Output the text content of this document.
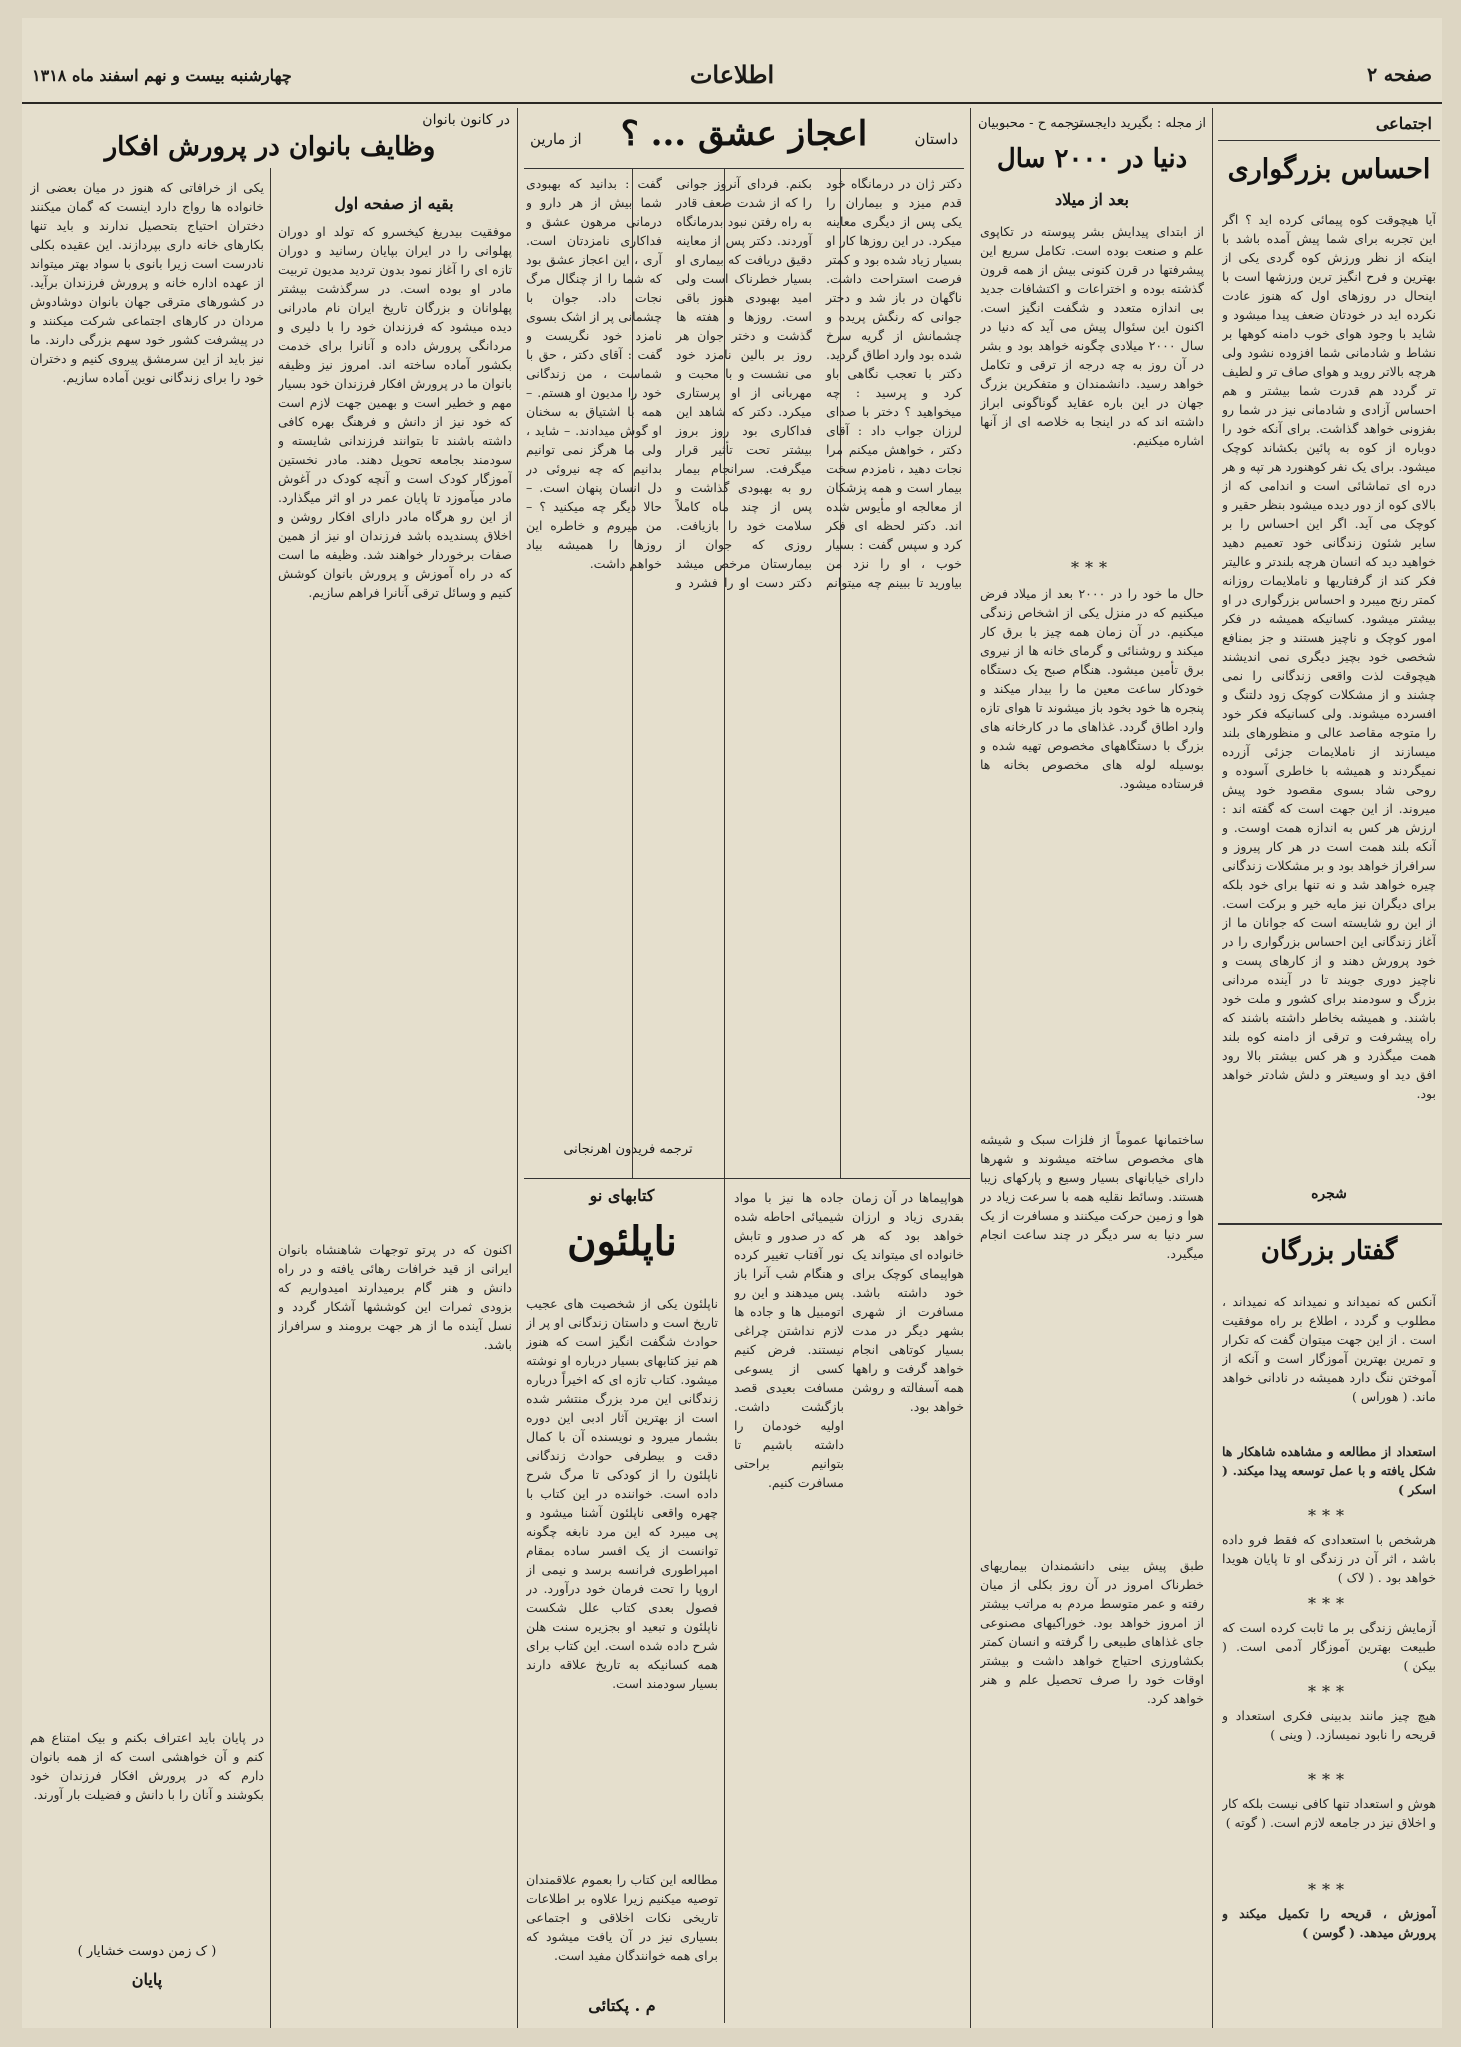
صفحه ۲
اطلاعات
چهارشنبه بیست و نهم اسفند ماه ۱۳۱۸
اجتماعی
احساس بزرگواری
آیا هیچوقت کوه پیمائی کرده اید ؟ اگر این تجربه برای شما پیش آمده باشد با اینکه از نظر ورزش کوه گردی یکی از بهترین و فرح انگیز ترین ورزشها است با اینحال در روزهای اول که هنوز عادت نکرده اید در خودتان ضعف پیدا میشود و شاید با وجود هوای خوب دامنه کوهها بر نشاط و شادمانی شما افزوده نشود ولی هرچه بالاتر روید و هوای صاف تر و لطیف تر گردد هم قدرت شما بیشتر و هم احساس آزادی و شادمانی نیز در شما رو بفزونی خواهد گذاشت. برای آنکه خود را دوباره از کوه به پائین بکشاند کوچک میشود. برای یک نفر کوهنورد هر تپه و هر دره ای تماشائی است و اندامی که از بالای کوه از دور دیده میشود بنظر حقیر و کوچک می آید. اگر این احساس را بر سایر شئون زندگانی خود تعمیم دهید خواهید دید که انسان هرچه بلندتر و عالیتر فکر کند از گرفتاریها و ناملایمات روزانه کمتر رنج میبرد و احساس بزرگواری در او بیشتر میشود. کسانیکه همیشه در فکر امور کوچک و ناچیز هستند و جز بمنافع شخصی خود بچیز دیگری نمی اندیشند هیچوقت لذت واقعی زندگانی را نمی چشند و از مشکلات کوچک زود دلتنگ و افسرده میشوند. ولی کسانیکه فکر خود را متوجه مقاصد عالی و منظورهای بلند میسازند از ناملایمات جزئی آزرده نمیگردند و همیشه با خاطری آسوده و روحی شاد بسوی مقصود خود پیش میروند. از این جهت است که گفته اند : ارزش هر کس به اندازه همت اوست. و آنکه بلند همت است در هر کار پیروز و سرافراز خواهد بود و بر مشکلات زندگانی چیره خواهد شد و نه تنها برای خود بلکه برای دیگران نیز مایه خیر و برکت است. از این رو شایسته است که جوانان ما از آغاز زندگانی این احساس بزرگواری را در خود پرورش دهند و از کارهای پست و ناچیز دوری جویند تا در آینده مردانی بزرگ و سودمند برای کشور و ملت خود باشند. و همیشه بخاطر داشته باشند که راه پیشرفت و ترقی از دامنه کوه بلند همت میگذرد و هر کس بیشتر بالا رود افق دید او وسیعتر و دلش شادتر خواهد بود.
شجره
گفتار بزرگان
آنکس که نمیداند و نمیداند که نمیداند ، مطلوب و گردد ، اطلاع بر راه موفقیت است . از این جهت میتوان گفت که تکرار و تمرین بهترین آموزگار است و آنکه از آموختن ننگ دارد همیشه در نادانی خواهد ماند. ( هوراس )
استعداد از مطالعه و مشاهده شاهکار ها شکل یافته و با عمل توسعه پیدا میکند. ( اسکر )
***
هرشخص با استعدادی که فقط فرو داده باشد ، اثر آن در زندگی او تا پایان هویدا خواهد بود . ( لاک )
***
آزمایش زندگی بر ما ثابت کرده است که طبیعت بهترین آموزگار آدمی است. ( بیکن )
***
هیچ چیز مانند بدبینی فکری استعداد و قریحه را نابود نمیسازد. ( وینی )
***
هوش و استعداد تنها کافی نیست بلکه کار و اخلاق نیز در جامعه لازم است. ( گوته )
***
آموزش ، قریحه را تکمیل میکند و پرورش میدهد. ( گوسن )
از مجله : بگیرید دایجست
ترجمه ح - محبوبیان
دنیا در ۲۰۰۰ سال
بعد از میلاد
از ابتدای پیدایش بشر پیوسته در تکاپوی علم و صنعت بوده است. تکامل سریع این پیشرفتها در قرن کنونی بیش از همه قرون گذشته بوده و اختراعات و اکتشافات جدید بی اندازه متعدد و شگفت انگیز است. اکنون این سئوال پیش می آید که دنیا در سال ۲۰۰۰ میلادی چگونه خواهد بود و بشر در آن روز به چه درجه از ترقی و تکامل خواهد رسید. دانشمندان و متفکرین بزرگ جهان در این باره عقاید گوناگونی ابراز داشته اند که در اینجا به خلاصه ای از آنها اشاره میکنیم.
***
حال ما خود را در ۲۰۰۰ بعد از میلاد فرض میکنیم که در منزل یکی از اشخاص زندگی میکنیم. در آن زمان همه چیز با برق کار میکند و روشنائی و گرمای خانه ها از نیروی برق تأمین میشود. هنگام صبح یک دستگاه خودکار ساعت معین ما را بیدار میکند و پنجره ها خود بخود باز میشوند تا هوای تازه وارد اطاق گردد. غذاهای ما در کارخانه های بزرگ با دستگاههای مخصوص تهیه شده و بوسیله لوله های مخصوص بخانه ها فرستاده میشود.
ساختمانها عموماً از فلزات سبک و شیشه های مخصوص ساخته میشوند و شهرها دارای خیابانهای بسیار وسیع و پارکهای زیبا هستند. وسائط نقلیه همه با سرعت زیاد در هوا و زمین حرکت میکنند و مسافرت از یک سر دنیا به سر دیگر در چند ساعت انجام میگیرد.
طبق پیش بینی دانشمندان بیماریهای خطرناک امروز در آن روز بکلی از میان رفته و عمر متوسط مردم به مراتب بیشتر از امروز خواهد بود. خوراکیهای مصنوعی جای غذاهای طبیعی را گرفته و انسان کمتر بکشاورزی احتیاج خواهد داشت و بیشتر اوقات خود را صرف تحصیل علم و هنر خواهد کرد.
داستان
اعجاز عشق ... ؟
از مارین
دکتر ژان در درمانگاه خود قدم میزد و بیماران را یکی پس از دیگری معاینه میکرد. در این روزها کار او بسیار زیاد شده بود و کمتر فرصت استراحت داشت. ناگهان در باز شد و دختر جوانی که رنگش پریده و چشمانش از گریه سرخ شده بود وارد اطاق گردید. دکتر با تعجب نگاهی باو کرد و پرسید : چه میخواهید ؟ دختر با صدای لرزان جواب داد : آقای دکتر ، خواهش میکنم مرا نجات دهید ، نامزدم سخت بیمار است و همه پزشکان از معالجه او مأیوس شده اند. دکتر لحظه ای فکر کرد و سپس گفت : بسیار خوب ، او را نزد من بیاورید تا ببینم چه میتوانم بکنم. فردای آنروز جوانی را که از شدت ضعف قادر به راه رفتن نبود بدرمانگاه آوردند. دکتر پس از معاینه دقیق دریافت که بیماری او بسیار خطرناک است ولی امید بهبودی هنوز باقی است. روزها و هفته ها گذشت و دختر جوان هر روز بر بالین نامزد خود می نشست و با محبت و مهربانی از او پرستاری میکرد. دکتر که شاهد این فداکاری بود روز بروز بیشتر تحت تأثیر قرار میگرفت. سرانجام بیمار رو به بهبودی گذاشت و پس از چند ماه کاملاً سلامت خود را بازیافت. روزی که جوان از بیمارستان مرخص میشد دکتر دست او را فشرد و گفت : بدانید که بهبودی شما بیش از هر دارو و درمانی مرهون عشق و فداکاری نامزدتان است. آری ، این اعجاز عشق بود که شما را از چنگال مرگ نجات داد. جوان با چشمانی پر از اشک بسوی نامزد خود نگریست و گفت : آقای دکتر ، حق با شماست ، من زندگانی خود را مدیون او هستم. – همه با اشتیاق به سخنان او گوش میدادند. – شاید ، ولی ما هرگز نمی توانیم بدانیم که چه نیروئی در دل انسان پنهان است. – حالا دیگر چه میکنید ؟ – من میروم و خاطره این روزها را همیشه بیاد خواهم داشت.
ترجمه فریدون اهرنجانی
جاده ها نیز با مواد شیمیائی احاطه شده که در صدور و تابش نور آفتاب تغییر کرده و هنگام شب آنرا باز پس میدهند و این رو اتومبیل ها و جاده ها لازم نداشتن چراغی نیستند. فرض کنیم کسی از یسوعی مسافت بعیدی قصد بازگشت داشت. اولیه خودمان را داشته باشیم تا بتوانیم براحتی مسافرت کنیم.
هواپیماها در آن زمان بقدری زیاد و ارزان خواهد بود که هر خانواده ای میتواند یک هواپیمای کوچک برای خود داشته باشد. مسافرت از شهری بشهر دیگر در مدت بسیار کوتاهی انجام خواهد گرفت و راهها همه آسفالته و روشن خواهد بود.
کتابهای نو
ناپلئون
ناپلئون یکی از شخصیت های عجیب تاریخ است و داستان زندگانی او پر از حوادث شگفت انگیز است که هنوز هم نیز کتابهای بسیار درباره او نوشته میشود. کتاب تازه ای که اخیراً درباره زندگانی این مرد بزرگ منتشر شده است از بهترین آثار ادبی این دوره بشمار میرود و نویسنده آن با کمال دقت و بیطرفی حوادث زندگانی ناپلئون را از کودکی تا مرگ شرح داده است. خواننده در این کتاب با چهره واقعی ناپلئون آشنا میشود و پی میبرد که این مرد نابغه چگونه توانست از یک افسر ساده بمقام امپراطوری فرانسه برسد و نیمی از اروپا را تحت فرمان خود درآورد. در فصول بعدی کتاب علل شکست ناپلئون و تبعید او بجزیره سنت هلن شرح داده شده است. این کتاب برای همه کسانیکه به تاریخ علاقه دارند بسیار سودمند است.
مطالعه این کتاب را بعموم علاقمندان توصیه میکنیم زیرا علاوه بر اطلاعات تاریخی نکات اخلاقی و اجتماعی بسیاری نیز در آن یافت میشود که برای همه خوانندگان مفید است.
م . پکتائی
در کانون بانوان
وظایف بانوان در پرورش افکار
بقیه از صفحه اول
موفقیت بیدریغ کیخسرو که تولد او دوران پهلوانی را در ایران بپایان رسانید و دوران تازه ای را آغاز نمود بدون تردید مدیون تربیت مادر او بوده است. در سرگذشت بیشتر پهلوانان و بزرگان تاریخ ایران نام مادرانی دیده میشود که فرزندان خود را با دلیری و مردانگی پرورش داده و آنانرا برای خدمت بکشور آماده ساخته اند. امروز نیز وظیفه بانوان ما در پرورش افکار فرزندان خود بسیار مهم و خطیر است و بهمین جهت لازم است که خود نیز از دانش و فرهنگ بهره کافی داشته باشند تا بتوانند فرزندانی شایسته و سودمند بجامعه تحویل دهند. مادر نخستین آموزگار کودک است و آنچه کودک در آغوش مادر میآموزد تا پایان عمر در او اثر میگذارد. از این رو هرگاه مادر دارای افکار روشن و اخلاق پسندیده باشد فرزندان او نیز از همین صفات برخوردار خواهند شد. وظیفه ما است که در راه آموزش و پرورش بانوان کوشش کنیم و وسائل ترقی آنانرا فراهم سازیم.
اکنون که در پرتو توجهات شاهنشاه بانوان ایرانی از قید خرافات رهائی یافته و در راه دانش و هنر گام برمیدارند امیدواریم که بزودی ثمرات این کوششها آشکار گردد و نسل آینده ما از هر جهت برومند و سرافراز باشد.
یکی از خرافاتی که هنوز در میان بعضی از خانواده ها رواج دارد اینست که گمان میکنند دختران احتیاج بتحصیل ندارند و باید تنها بکارهای خانه داری بپردازند. این عقیده بکلی نادرست است زیرا بانوی با سواد بهتر میتواند از عهده اداره خانه و پرورش فرزندان برآید. در کشورهای مترقی جهان بانوان دوشادوش مردان در کارهای اجتماعی شرکت میکنند و در پیشرفت کشور خود سهم بزرگی دارند. ما نیز باید از این سرمشق پیروی کنیم و دختران خود را برای زندگانی نوین آماده سازیم.
در پایان باید اعتراف بکنم و بیک امتناع هم کنم و آن خواهشی است که از همه بانوان دارم که در پرورش افکار فرزندان خود بکوشند و آنان را با دانش و فضیلت بار آورند.
( ک زمن دوست خشایار )
پایان
